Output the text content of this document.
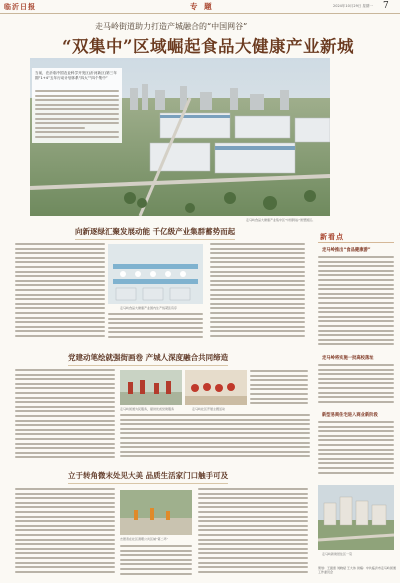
临沂日报	专 题	2024年10月29日 星期一 7
走马岭街道助力打造产城融合的“中国网谷”
“双集中”区域崛起食品大健康产业新城
当前，在沂临中国农业科学开发区(沂河新区)第三年期“1+4”五年行动计划体系“四大”“四个集中”
走马岭食品大健康产业集中区“中国网谷”智慧园区。
向新逐绿汇聚发展动能 千亿级产业集群蓄势而起
走马岭食品大健康产业园内生产线紧张有序
党建动笔绘就强街画卷 产城人深度融合共同缔造
走马岭街道为民服务，提供优质党建服务	走马岭社区开展主题活动
立于转角微末处见大美 品质生活家门口触手可及
志愿者在社区清理公共区域“第二环”
新看点
走马岭推出“食品健康游”
走马岭将实施一批高校落址
新型易商住宅进入商业新阶段
走马岭新建居住区一景
策划：王振雷 刘晓斌 王大伟 供稿：中共临沂市走马岭街道工作委员会
